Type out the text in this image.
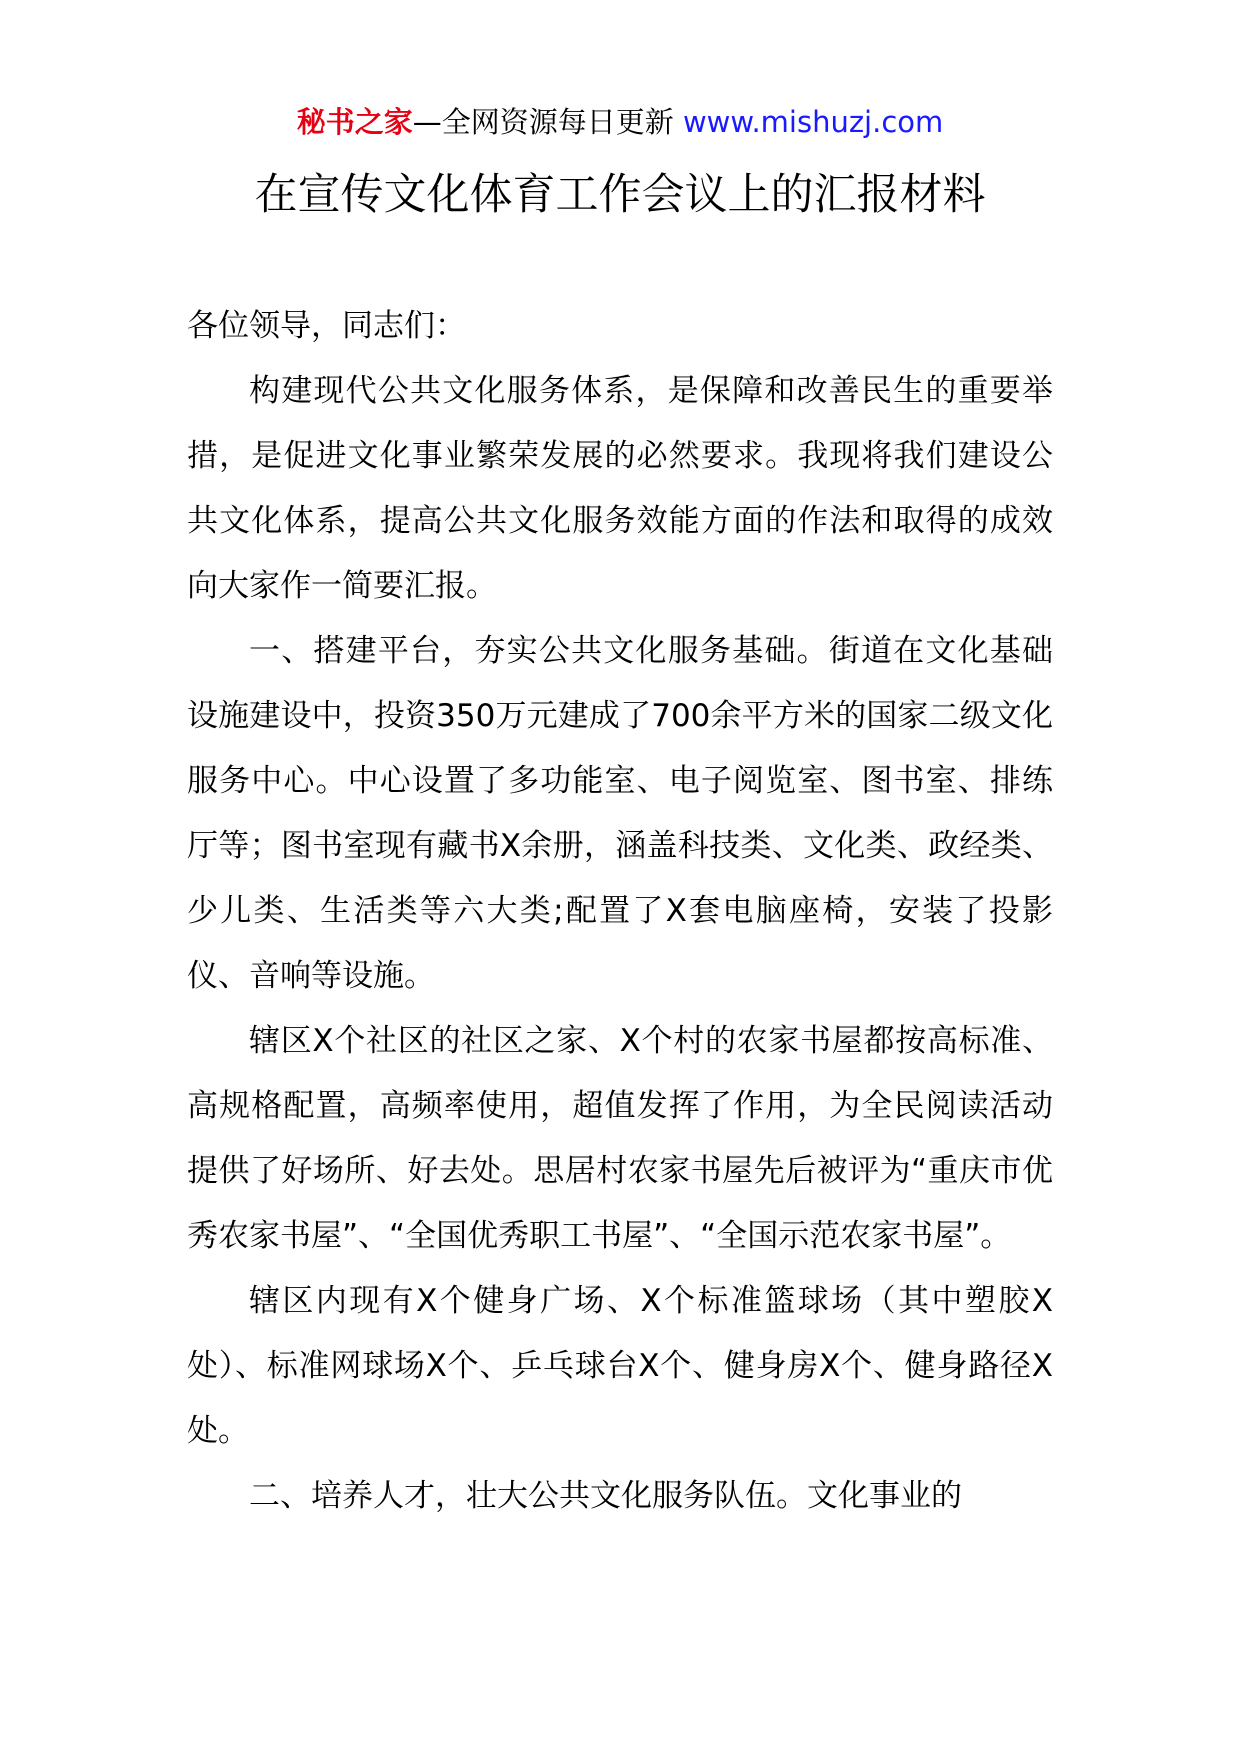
秘书之家—全网资源每日更新 www.mishuzj.com
在宣传文化体育工作会议上的汇报材料

各位领导，同志们：

构建现代公共文化服务体系，是保障和改善民生的重要举措，是促进文化事业繁荣发展的必然要求。我现将我们建设公共文化体系，提高公共文化服务效能方面的作法和取得的成效向大家作一简要汇报。

一、搭建平台，夯实公共文化服务基础。街道在文化基础设施建设中，投资350万元建成了700余平方米的国家二级文化服务中心。中心设置了多功能室、电子阅览室、图书室、排练厅等；图书室现有藏书X余册，涵盖科技类、文化类、政经类、少儿类、生活类等六大类;配置了X套电脑座椅，安装了投影仪、音响等设施。

辖区X个社区的社区之家、X个村的农家书屋都按高标准、高规格配置，高频率使用，超值发挥了作用，为全民阅读活动提供了好场所、好去处。思居村农家书屋先后被评为“重庆市优秀农家书屋”、“全国优秀职工书屋”、“全国示范农家书屋”。

辖区内现有X个健身广场、X个标准篮球场（其中塑胶X处）、标准网球场X个、乒乓球台X个、健身房X个、健身路径X处。

二、培养人才，壮大公共文化服务队伍。文化事业的
